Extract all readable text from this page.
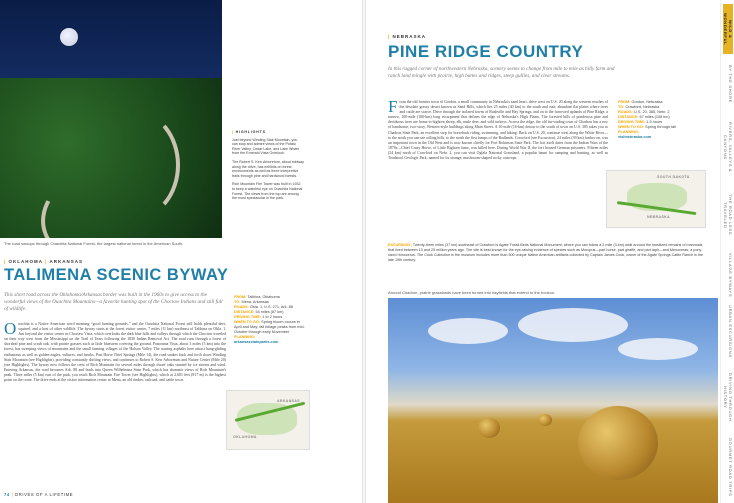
The road swoops through Ouachita National Forest, the largest national forest in the American South.
| HIGHLIGHTS

Just beyond Winding Stair Mountain, you can stop and admire views of the Potato River Valley, Cedar Lake, and Lake Wister from the Emerald Vista Overlook.

The Robert S. Kerr Arboretum, about midway along the drive, has exhibits on forest environments as well as three interpretive trails through pine and hardwood forests.

Rich Mountain Fire Tower was built in 1932 to keep a watchful eye on Ouachita National Forest. The views from the top are among the most spectacular in the park.

| OKLAHOMA | ARKANSAS
TALIMENA SCENIC BYWAY
This short road across the Oklahoma/Arkansas border was built in the 1960s to give access to the wonderful views of the Ouachita Mountains—a favorite hunting spot of the Choctaw Indians and still full of wildlife.
Ouachita is a Native American word meaning “good hunting grounds,” and the Ouachita National Forest still holds plentiful deer, squirrel, and a host of other wildlife. The byway starts at the forest visitor center, 7 miles (11 km) northeast of Talihina on Okla. 1. Just beyond the visitor center in Choctaw Vista, which overlooks the dark blue hills and valleys through which the Choctaw traveled on their way west from the Mississippi on the Trail of Tears following the 1830 Indian Removal Act. The road runs through a forest of shortleaf pine and scrub oak, with prairie grasses such as little bluestem covering the ground. Panorama Vista, about 3 miles (5 km) into the forest, has sweeping views of mountains and the small farming villages of the Holson Valley. The soaring asphalts here attract hang-gliding enthusiasts as well as golden eagles, vultures, and hawks. Past Horse Thief Springs (Mile 14), the road snakes back and forth down Winding Stair Mountain (see Highlights), providing constantly shifting views, and continues to Robert S. Kerr Arboretum and Nature Center (Mile 20) (see Highlights). The byway now follows the crest of Rich Mountain for several miles through dwarf oaks stunted by ice storms and wind. Entering Arkansas, the road becomes Ark. 88 and leads into Queen Wilhelmina State Park, which has dramatic views of Rich Mountain's peak. Three miles (5 km) east of the park, you reach Rich Mountain Fire Tower (see Highlights), which at 2,681 feet (817 m) is the highest point on the route. The drive ends at the visitor information center in Mena, an old timber, railroad, and cattle town.
FROM: Talihina, Oklahoma
TO: Mena, Arkansas
ROADS: Okla. 1, U.S. 271, Ark. 88
DISTANCE: 54 miles (87 km)
DRIVING TIME: 1 to 2 hours
WHEN TO GO: Spring bloom occurs in April and May; fall foliage peaks from mid-October through early November
PLANNING:
arkansasstateparks.com
OKLAHOMA
ARKANSAS
74 | DRIVES OF A LIFETIME
| NEBRASKA
PINE RIDGE COUNTRY
In this rugged corner of northwestern Nebraska, scenery seems to change from mile to mile as hilly farm and ranch land mingle with prairie, high buttes and ridges, steep gullies, and clear streams.
From the old frontier town of Gordon, a small community in Nebraska's sand heart, drive west on U.S. 20 along the western reaches of the desolate grassy desert known as Sand Hills, which lies 25 miles (40 km) to the south and east; abundant flat plains where trees and cattle are scarce. Drive through the isolated towns of Rushville and Hay Springs, and on to the furrowed uplands of Pine Ridge, a narrow, 100-mile (160-km) long escarpment that defines the edge of Nebraska's High Plains. The forested hills of ponderosa pine and deciduous trees are home to bighorn sheep, elk, mule deer, and wild turkeys. Across the ridge, the old fur-trading town of Chadron has a row of handsome, two-story, Western-style buildings along Main Street. A 10-mile (16-km) detour to the south of town on U.S. 385 takes you to Chadron State Park, an excellent stop for horseback riding, swimming, and hiking. Back on U.S. 20, continue west along the White River—to the north you can see rolling hills, to the north the first lumps of the Badlands. Crawford (see Excursion), 24 miles (39 km) farther on, was an important town in the Old West and is now known chiefly for Fort Robinson State Park. The fort itself dates from the Indian Wars of the 1870s—Chief Crazy Horse, of Little Bighorn fame, was killed here. During World War II, the fort housed German prisoners. Fifteen miles (24 km) north of Crawford on Nebr. 2, you can visit Oglala National Grassland, a popular haunt for camping and hunting, as well as Toadstool Geologic Park, named for its strange, mushroom-shaped rocky outcrops.
FROM: Gordon, Nebraska
TO: Crawford, Nebraska
ROADS: U.S. 20, 385, Nebr. 2
DISTANCE: 67 miles (108 km)
DRIVING TIME: 1.5 hours
WHEN TO GO: Spring through fall
PLANNING:
visitnebraska.com
SOUTH DAKOTA
NEBRASKA
EXCURSION | Twenty-three miles (37 km) southeast of Crawford is Agate Fossil Beds National Monument, where you can follow a 2-mile (3-km) walk around the fossilized remains of mammals that lived between 13 and 25 million years ago. The site is best known for the eye-raising evidence of species such as Moropus—part horse, part giraffe, and part tapir—and Menoceras, a pony-sized rhinoceros. The Cook Collection in the museum includes more than 500 unique Native American artifacts collected by Captain James Cook, owner of the Agate Springs Cattle Ranch in the late 19th century.
Around Chadron, prairie grasslands have been turned into hayfields that extend to the horizon.
WILD & WONDERFUL
BY THE SHORE
RIVERS, VALLEYS & CANYONS
THE ROAD LESS TRAVELED
VILLAGE BYWAYS
URBAN EXCURSIONS
DRIVING THROUGH HISTORY
GOURMET ROAD TRIPS
